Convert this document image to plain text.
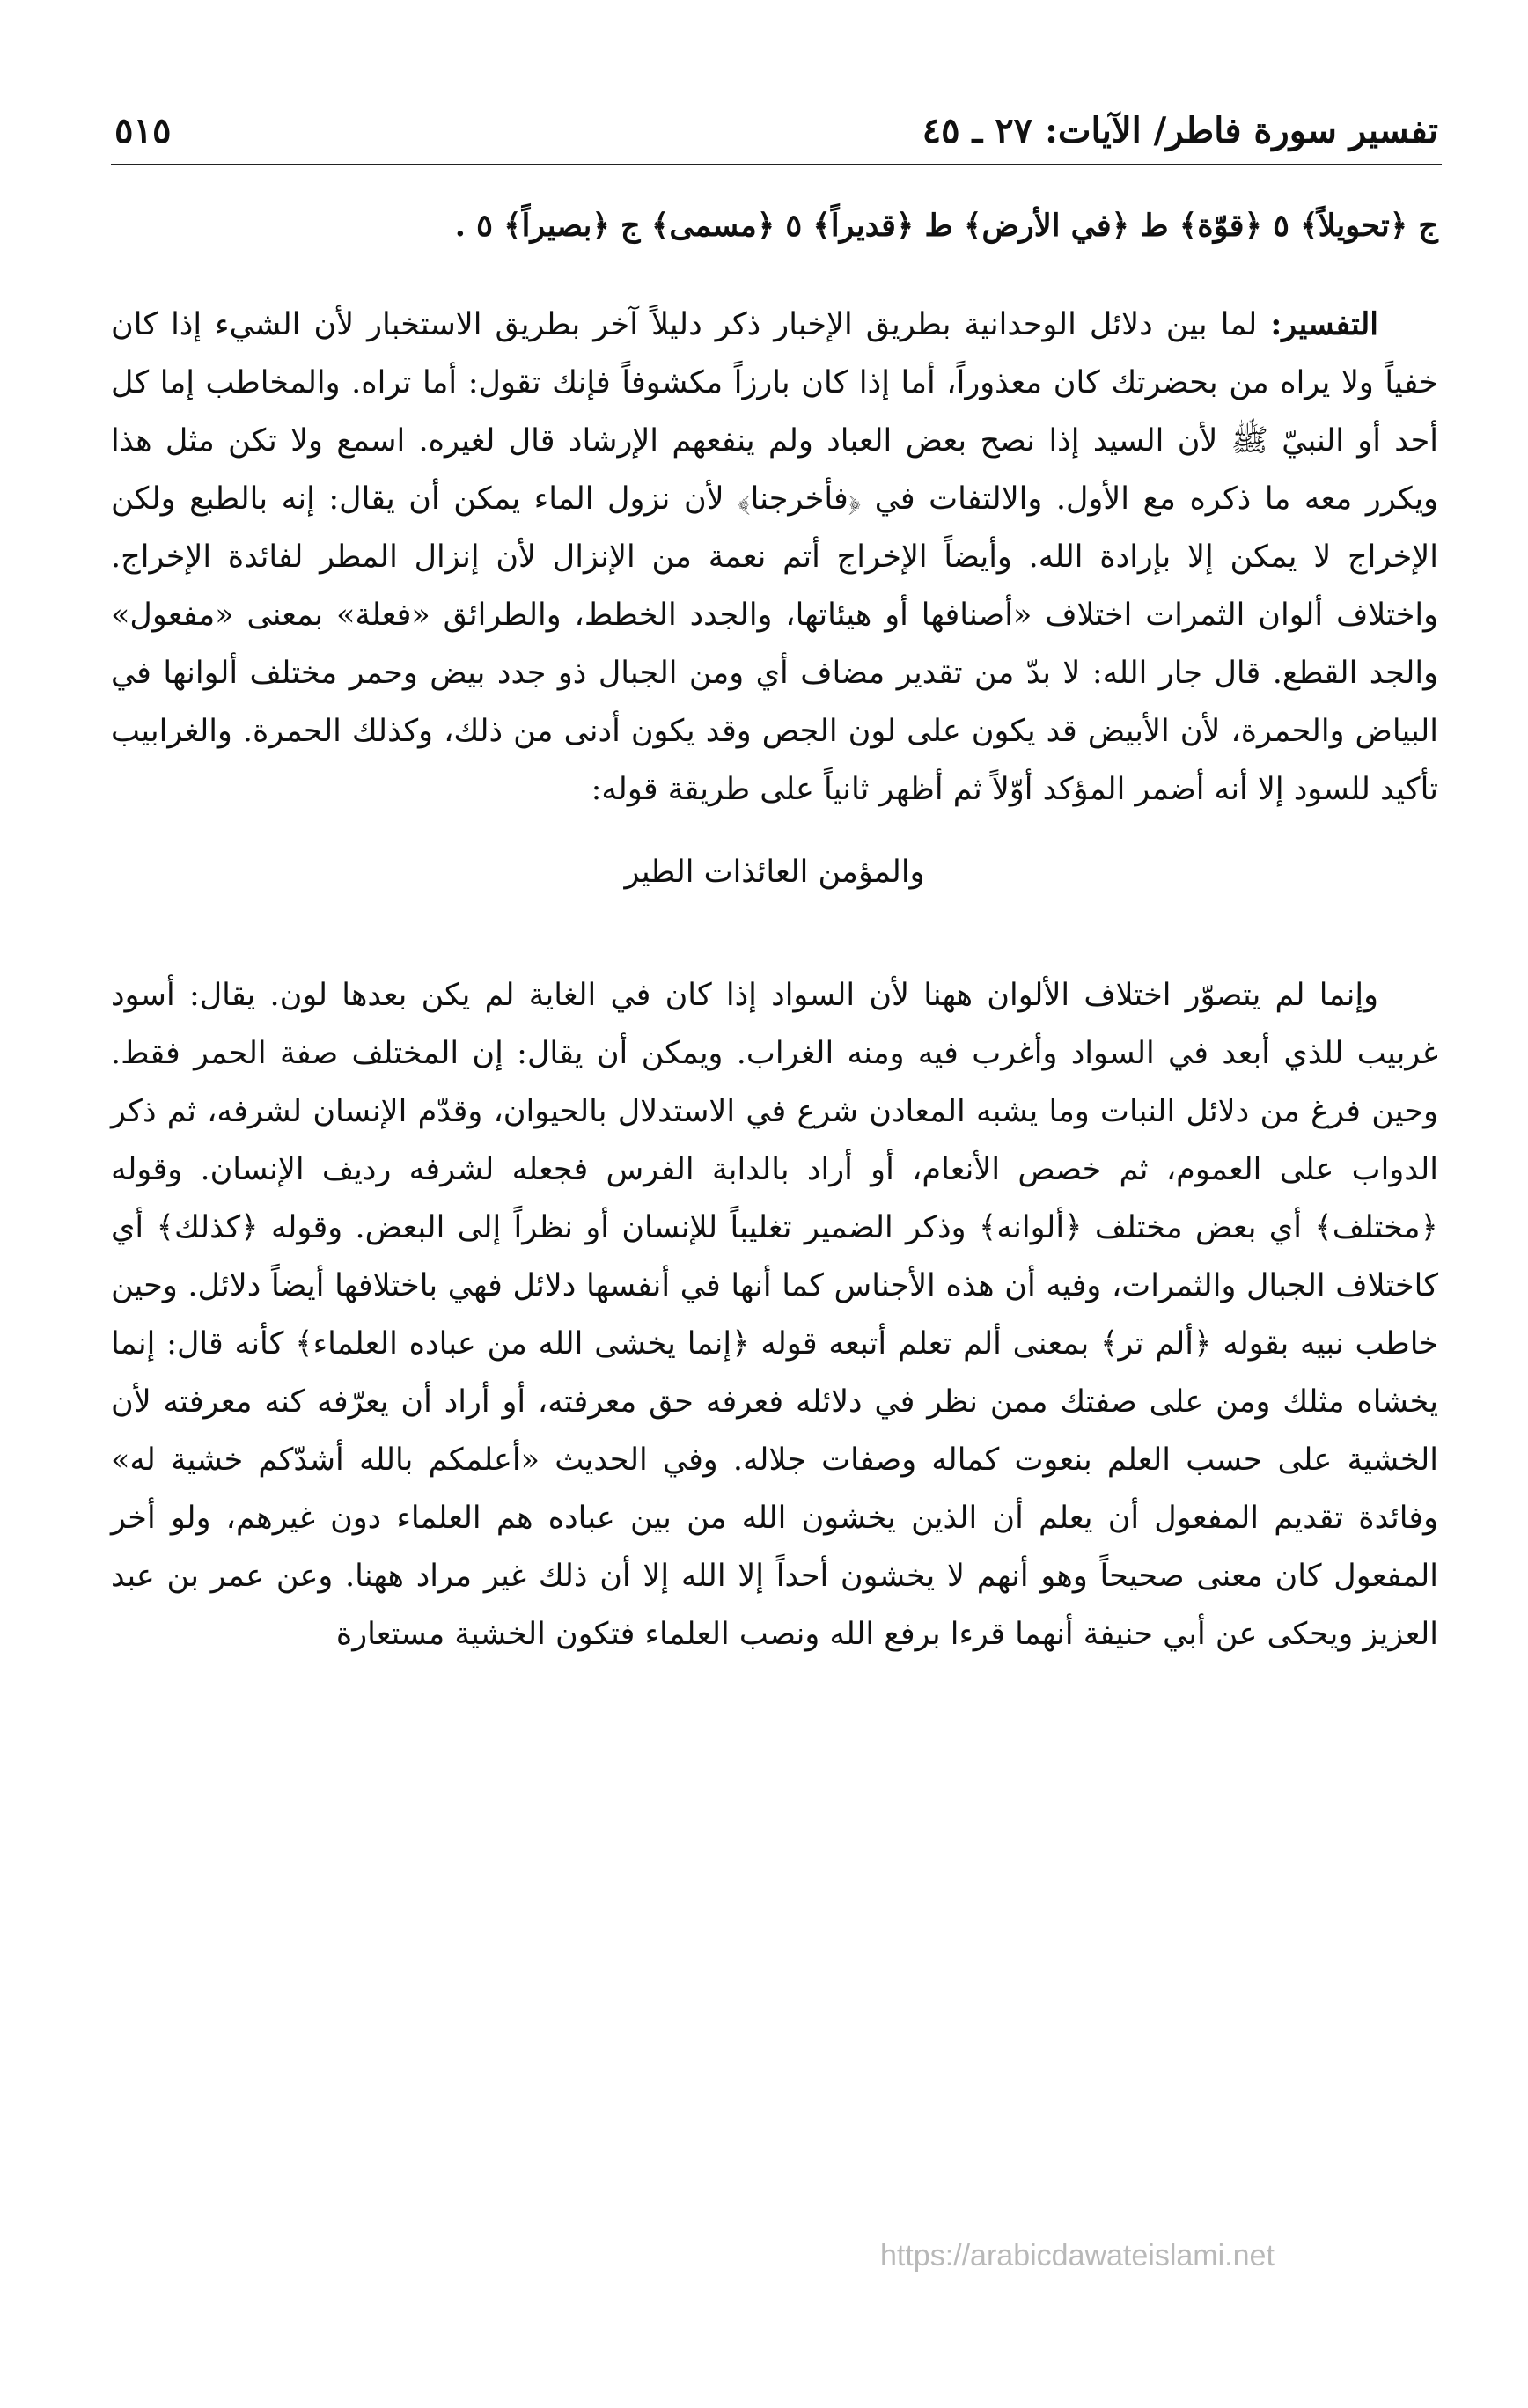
تفسير سورة فاطر/ الآيات: ٢٧ ـ ٤٥
٥١٥

ج ﴿تحويلاً﴾ ٥ ﴿قوّة﴾ ط ﴿في الأرض﴾ ط ﴿قديراً﴾ ٥ ﴿مسمى﴾ ج ﴿بصيراً﴾ ٥ .

التفسير: لما بين دلائل الوحدانية بطريق الإخبار ذكر دليلاً آخر بطريق الاستخبار لأن الشيء إذا كان خفياً ولا يراه من بحضرتك كان معذوراً، أما إذا كان بارزاً مكشوفاً فإنك تقول: أما تراه. والمخاطب إما كل أحد أو النبيّ ﷺ لأن السيد إذا نصح بعض العباد ولم ينفعهم الإرشاد قال لغيره. اسمع ولا تكن مثل هذا ويكرر معه ما ذكره مع الأول. والالتفات في ﴿فأخرجنا﴾ لأن نزول الماء يمكن أن يقال: إنه بالطبع ولكن الإخراج لا يمكن إلا بإرادة الله. وأيضاً الإخراج أتم نعمة من الإنزال لأن إنزال المطر لفائدة الإخراج. واختلاف ألوان الثمرات اختلاف «أصنافها أو هيئاتها، والجدد الخطط، والطرائق «فعلة» بمعنى «مفعول» والجد القطع. قال جار الله: لا بدّ من تقدير مضاف أي ومن الجبال ذو جدد بيض وحمر مختلف ألوانها في البياض والحمرة، لأن الأبيض قد يكون على لون الجص وقد يكون أدنى من ذلك، وكذلك الحمرة. والغرابيب تأكيد للسود إلا أنه أضمر المؤكد أوّلاً ثم أظهر ثانياً على طريقة قوله:

والمؤمن العائذات الطير

وإنما لم يتصوّر اختلاف الألوان ههنا لأن السواد إذا كان في الغاية لم يكن بعدها لون. يقال: أسود غربيب للذي أبعد في السواد وأغرب فيه ومنه الغراب. ويمكن أن يقال: إن المختلف صفة الحمر فقط. وحين فرغ من دلائل النبات وما يشبه المعادن شرع في الاستدلال بالحيوان، وقدّم الإنسان لشرفه، ثم ذكر الدواب على العموم، ثم خصص الأنعام، أو أراد بالدابة الفرس فجعله لشرفه رديف الإنسان. وقوله ﴿مختلف﴾ أي بعض مختلف ﴿ألوانه﴾ وذكر الضمير تغليباً للإنسان أو نظراً إلى البعض. وقوله ﴿كذلك﴾ أي كاختلاف الجبال والثمرات، وفيه أن هذه الأجناس كما أنها في أنفسها دلائل فهي باختلافها أيضاً دلائل. وحين خاطب نبيه بقوله ﴿ألم تر﴾ بمعنى ألم تعلم أتبعه قوله ﴿إنما يخشى الله من عباده العلماء﴾ كأنه قال: إنما يخشاه مثلك ومن على صفتك ممن نظر في دلائله فعرفه حق معرفته، أو أراد أن يعرّفه كنه معرفته لأن الخشية على حسب العلم بنعوت كماله وصفات جلاله. وفي الحديث «أعلمكم بالله أشدّكم خشية له» وفائدة تقديم المفعول أن يعلم أن الذين يخشون الله من بين عباده هم العلماء دون غيرهم، ولو أخر المفعول كان معنى صحيحاً وهو أنهم لا يخشون أحداً إلا الله إلا أن ذلك غير مراد ههنا. وعن عمر بن عبد العزيز ويحكى عن أبي حنيفة أنهما قرءا برفع الله ونصب العلماء فتكون الخشية مستعارة

https://arabicdawateislami.net
